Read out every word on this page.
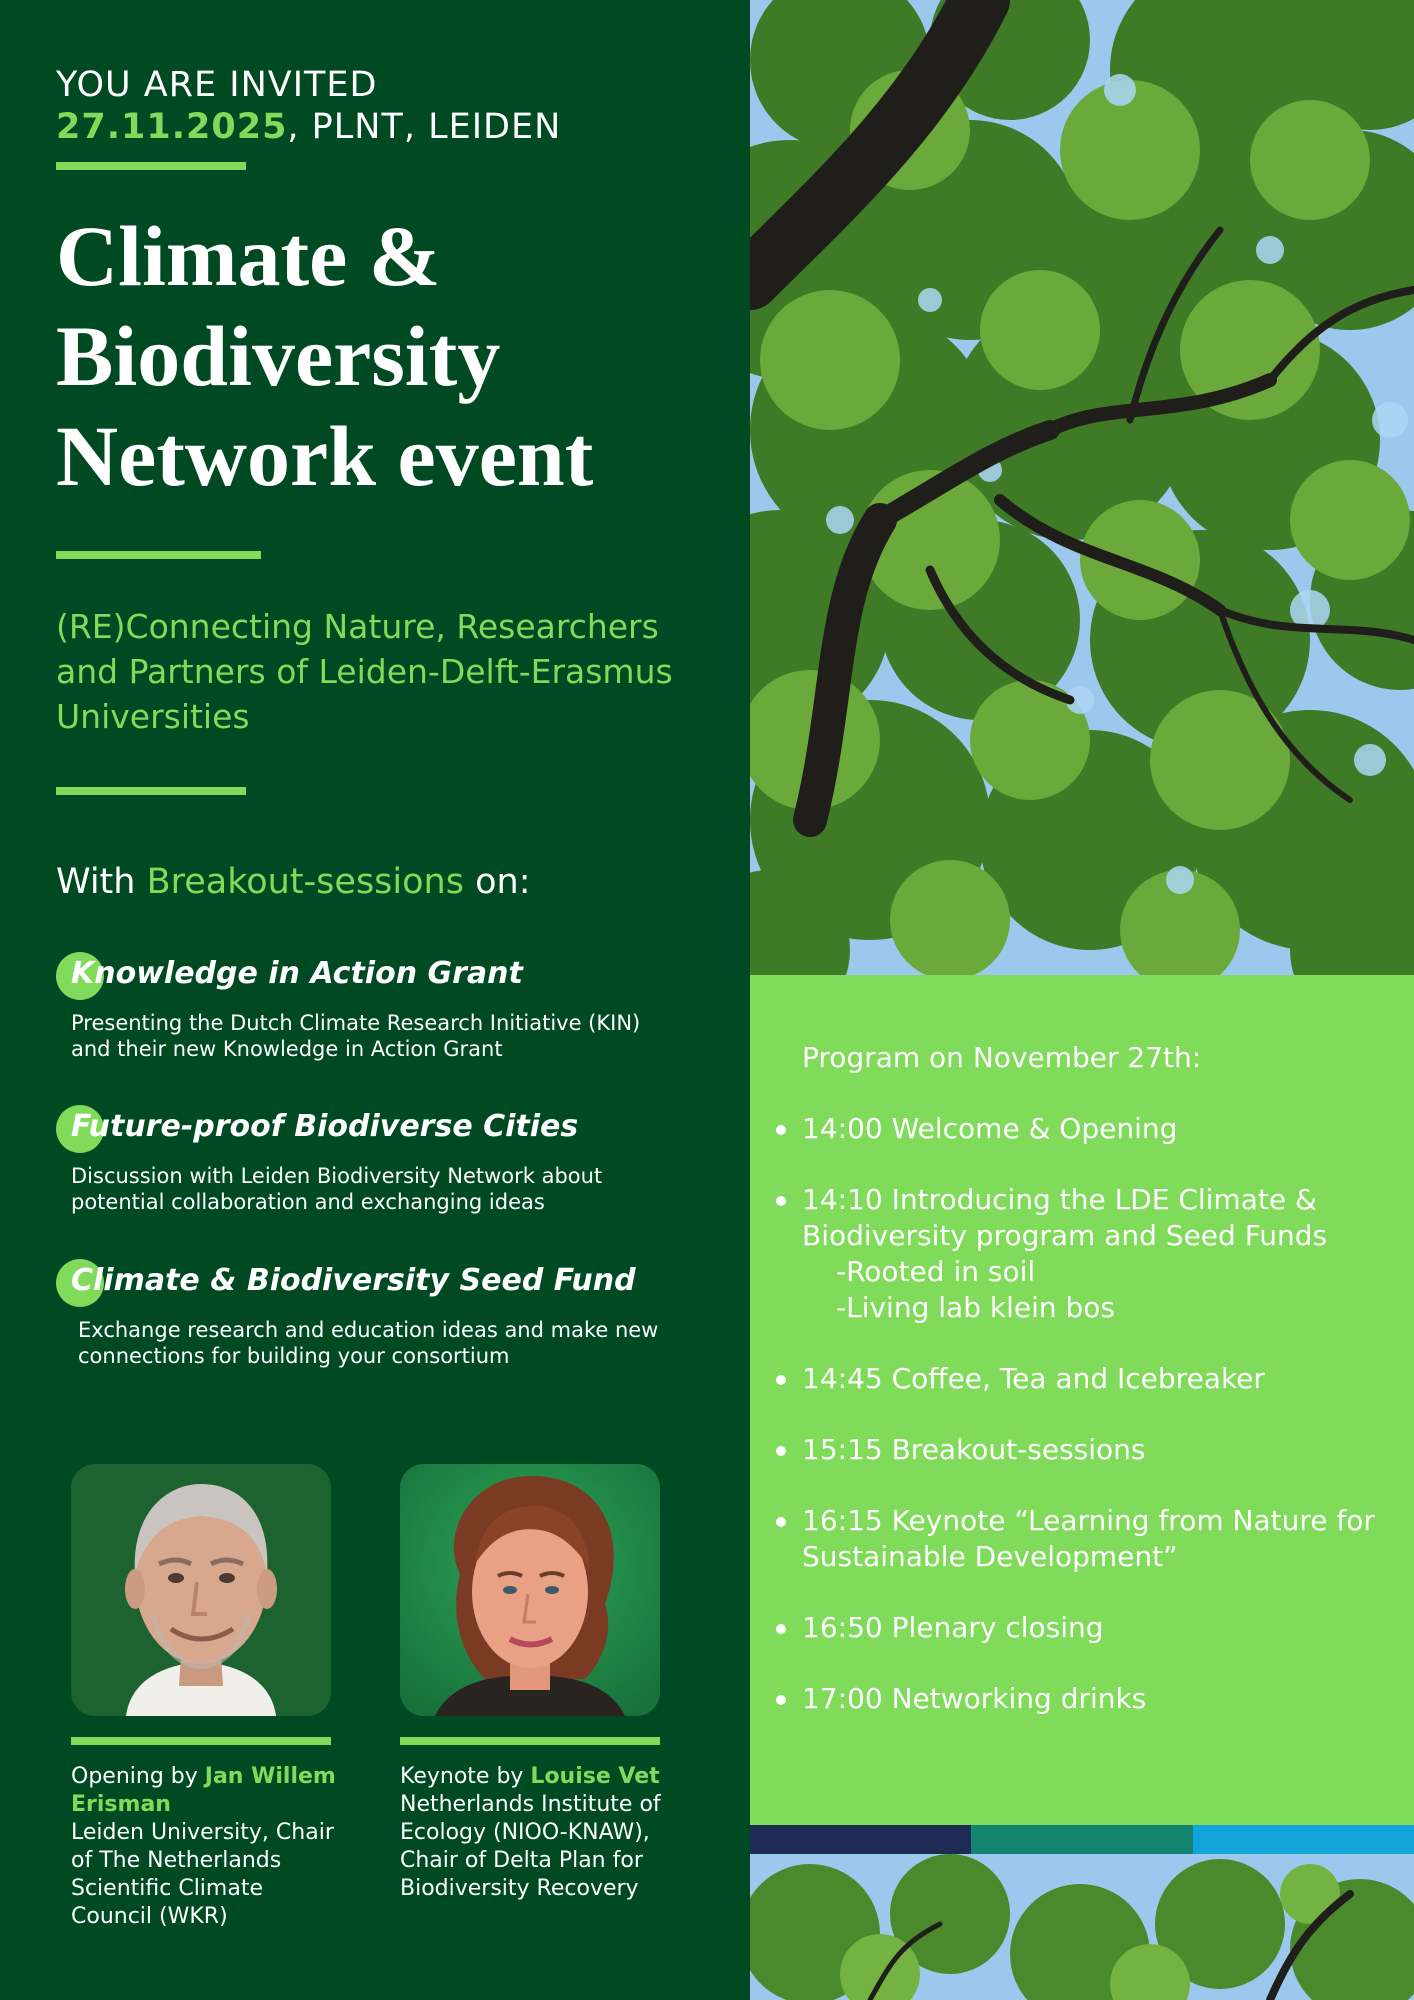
YOU ARE INVITED
27.11.2025, PLNT, LEIDEN
Climate & Biodiversity Network event
(RE)Connecting Nature, Researchers and Partners of Leiden-Delft-Erasmus Universities
With Breakout-sessions on:
Knowledge in Action Grant
Presenting the Dutch Climate Research Initiative (KIN) and their new Knowledge in Action Grant
Future-proof Biodiverse Cities
Discussion with Leiden Biodiversity Network about potential collaboration and exchanging ideas
Climate & Biodiversity Seed Fund
Exchange research and education ideas and make new connections for building your consortium
Opening by Jan Willem Erisman
Leiden University, Chair of The Netherlands Scientific Climate Council (WKR)
Keynote by Louise Vet
Netherlands Institute of Ecology (NIOO-KNAW), Chair of Delta Plan for Biodiversity Recovery
Program on November 27th:
14:00 Welcome & Opening
14:10 Introducing the LDE Climate & Biodiversity program and Seed Funds
-Rooted in soil
-Living lab klein bos
14:45 Coffee, Tea and Icebreaker
15:15 Breakout-sessions
16:15 Keynote “Learning from Nature for Sustainable Development”
16:50 Plenary closing
17:00 Networking drinks
